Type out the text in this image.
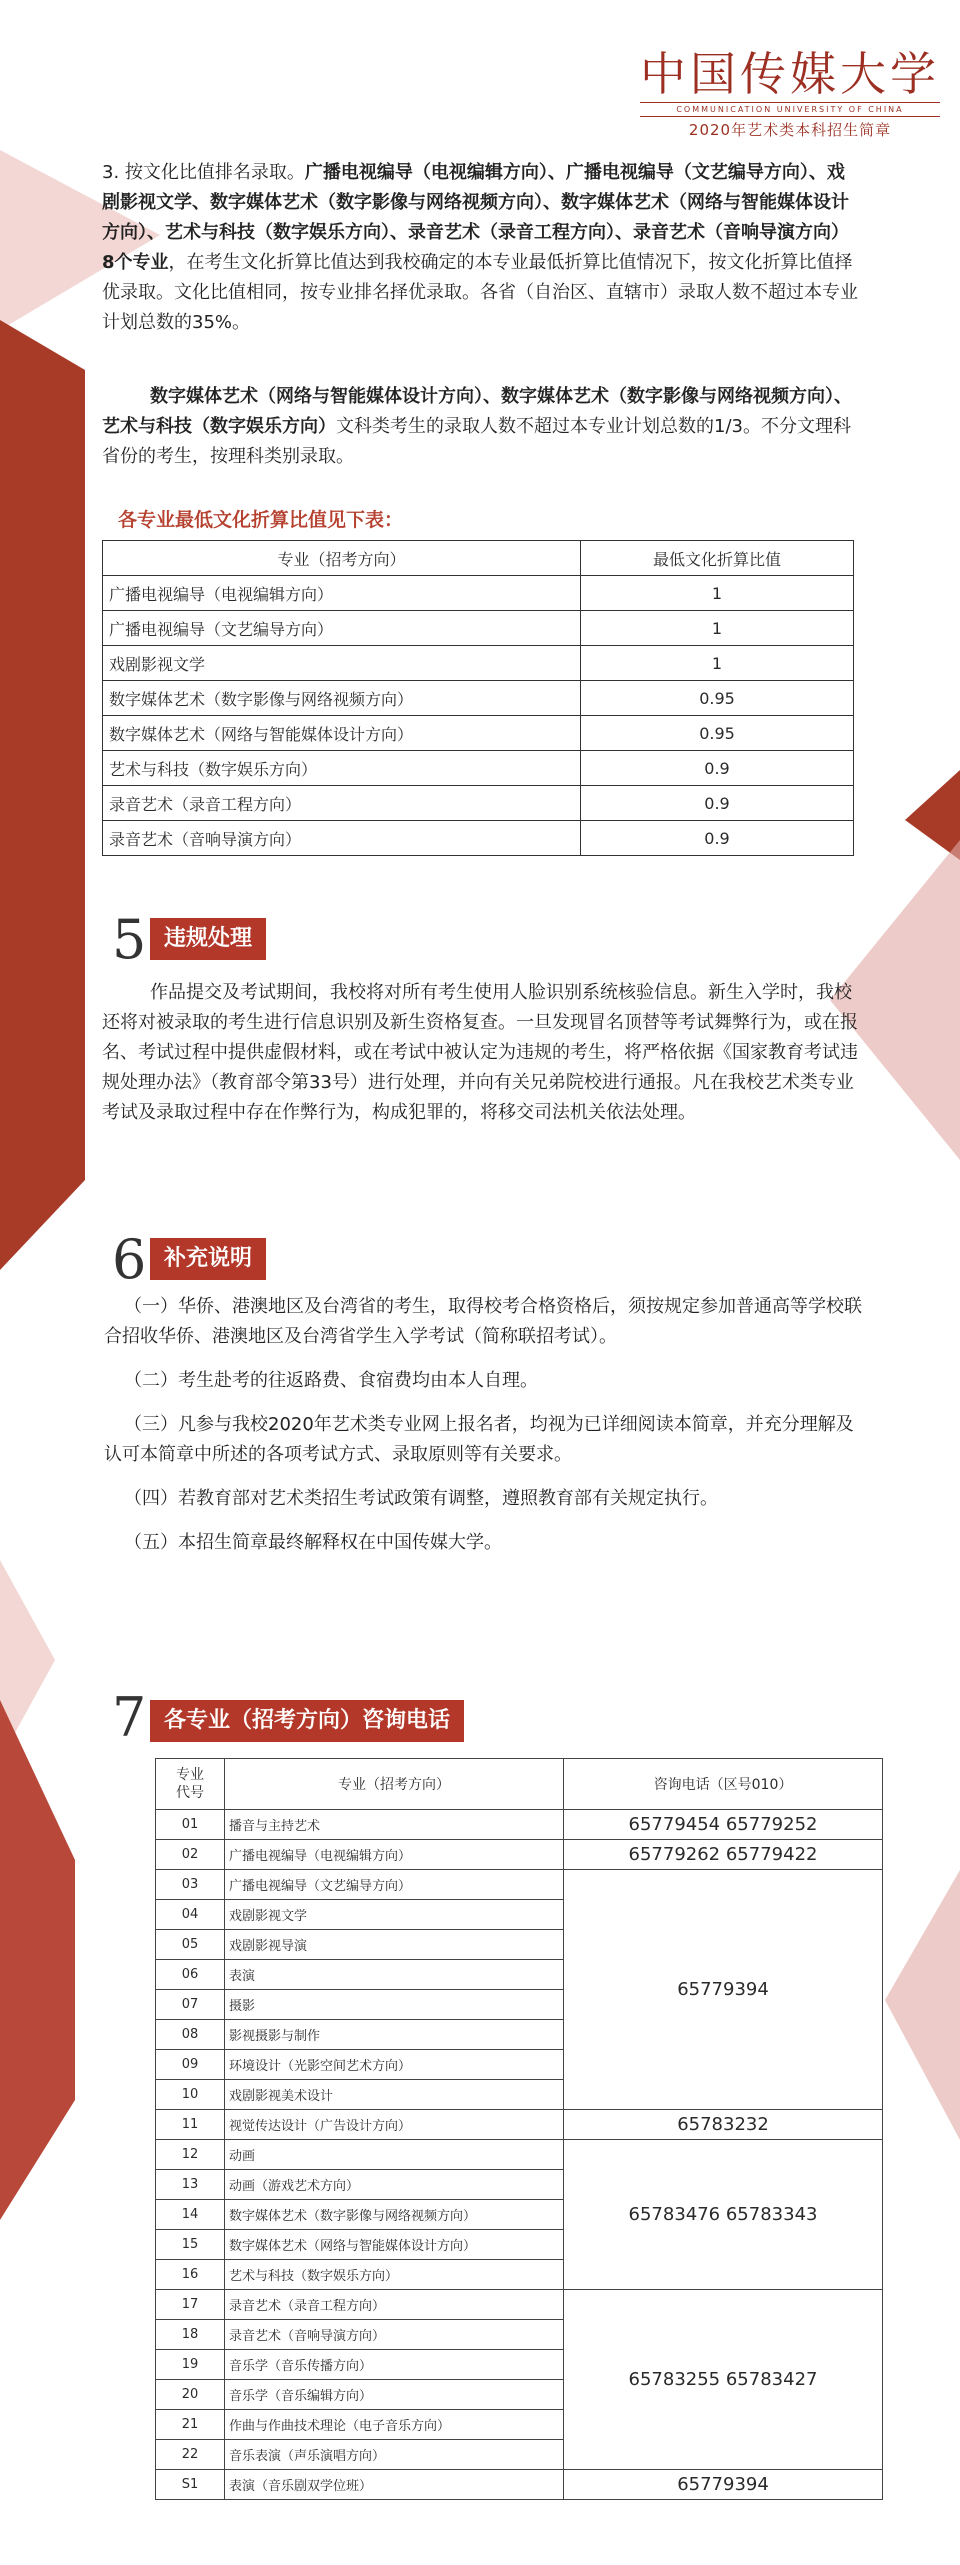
中国传媒大学
COMMUNICATION UNIVERSITY OF CHINA
2020年艺术类本科招生简章

3. 按文化比值排名录取。广播电视编导（电视编辑方向）、广播电视编导（文艺编导方向）、戏剧影视文学、数字媒体艺术（数字影像与网络视频方向）、数字媒体艺术（网络与智能媒体设计方向）、艺术与科技（数字娱乐方向）、录音艺术（录音工程方向）、录音艺术（音响导演方向）8个专业，在考生文化折算比值达到我校确定的本专业最低折算比值情况下，按文化折算比值择优录取。文化比值相同，按专业排名择优录取。各省（自治区、直辖市）录取人数不超过本专业计划总数的35%。

数字媒体艺术（网络与智能媒体设计方向）、数字媒体艺术（数字影像与网络视频方向）、艺术与科技（数字娱乐方向）文科类考生的录取人数不超过本专业计划总数的1/3。不分文理科省份的考生，按理科类别录取。

各专业最低文化折算比值见下表：
专业（招考方向）	最低文化折算比值
广播电视编导（电视编辑方向）	1
广播电视编导（文艺编导方向）	1
戏剧影视文学	1
数字媒体艺术（数字影像与网络视频方向）	0.95
数字媒体艺术（网络与智能媒体设计方向）	0.95
艺术与科技（数字娱乐方向）	0.9
录音艺术（录音工程方向）	0.9
录音艺术（音响导演方向）	0.9
5 违规处理
作品提交及考试期间，我校将对所有考生使用人脸识别系统核验信息。新生入学时，我校还将对被录取的考生进行信息识别及新生资格复查。一旦发现冒名顶替等考试舞弊行为，或在报名、考试过程中提供虚假材料，或在考试中被认定为违规的考生，将严格依据《国家教育考试违规处理办法》（教育部令第33号）进行处理，并向有关兄弟院校进行通报。凡在我校艺术类专业考试及录取过程中存在作弊行为，构成犯罪的，将移交司法机关依法处理。
6 补充说明

（一）华侨、港澳地区及台湾省的考生，取得校考合格资格后，须按规定参加普通高等学校联合招收华侨、港澳地区及台湾省学生入学考试（简称联招考试）。

（二）考生赴考的往返路费、食宿费均由本人自理。

（三）凡参与我校2020年艺术类专业网上报名者，均视为已详细阅读本简章，并充分理解及认可本简章中所述的各项考试方式、录取原则等有关要求。

（四）若教育部对艺术类招生考试政策有调整，遵照教育部有关规定执行。

（五）本招生简章最终解释权在中国传媒大学。

7 各专业（招考方向）咨询电话
专业
代号	专业（招考方向）	咨询电话（区号010）
01	播音与主持艺术	65779454 65779252
02	广播电视编导（电视编辑方向）	65779262 65779422
03	广播电视编导（文艺编导方向）	65779394
04	戏剧影视文学	
05	戏剧影视导演	
06	表演	
07	摄影	
08	影视摄影与制作	
09	环境设计（光影空间艺术方向）	
10	戏剧影视美术设计	
11	视觉传达设计（广告设计方向）	65783232
12	动画	65783476 65783343
13	动画（游戏艺术方向）	
14	数字媒体艺术（数字影像与网络视频方向）	
15	数字媒体艺术（网络与智能媒体设计方向）	
16	艺术与科技（数字娱乐方向）	
17	录音艺术（录音工程方向）	65783255 65783427
18	录音艺术（音响导演方向）	
19	音乐学（音乐传播方向）	
20	音乐学（音乐编辑方向）	
21	作曲与作曲技术理论（电子音乐方向）	
22	音乐表演（声乐演唱方向）	
S1	表演（音乐剧双学位班）	65779394
